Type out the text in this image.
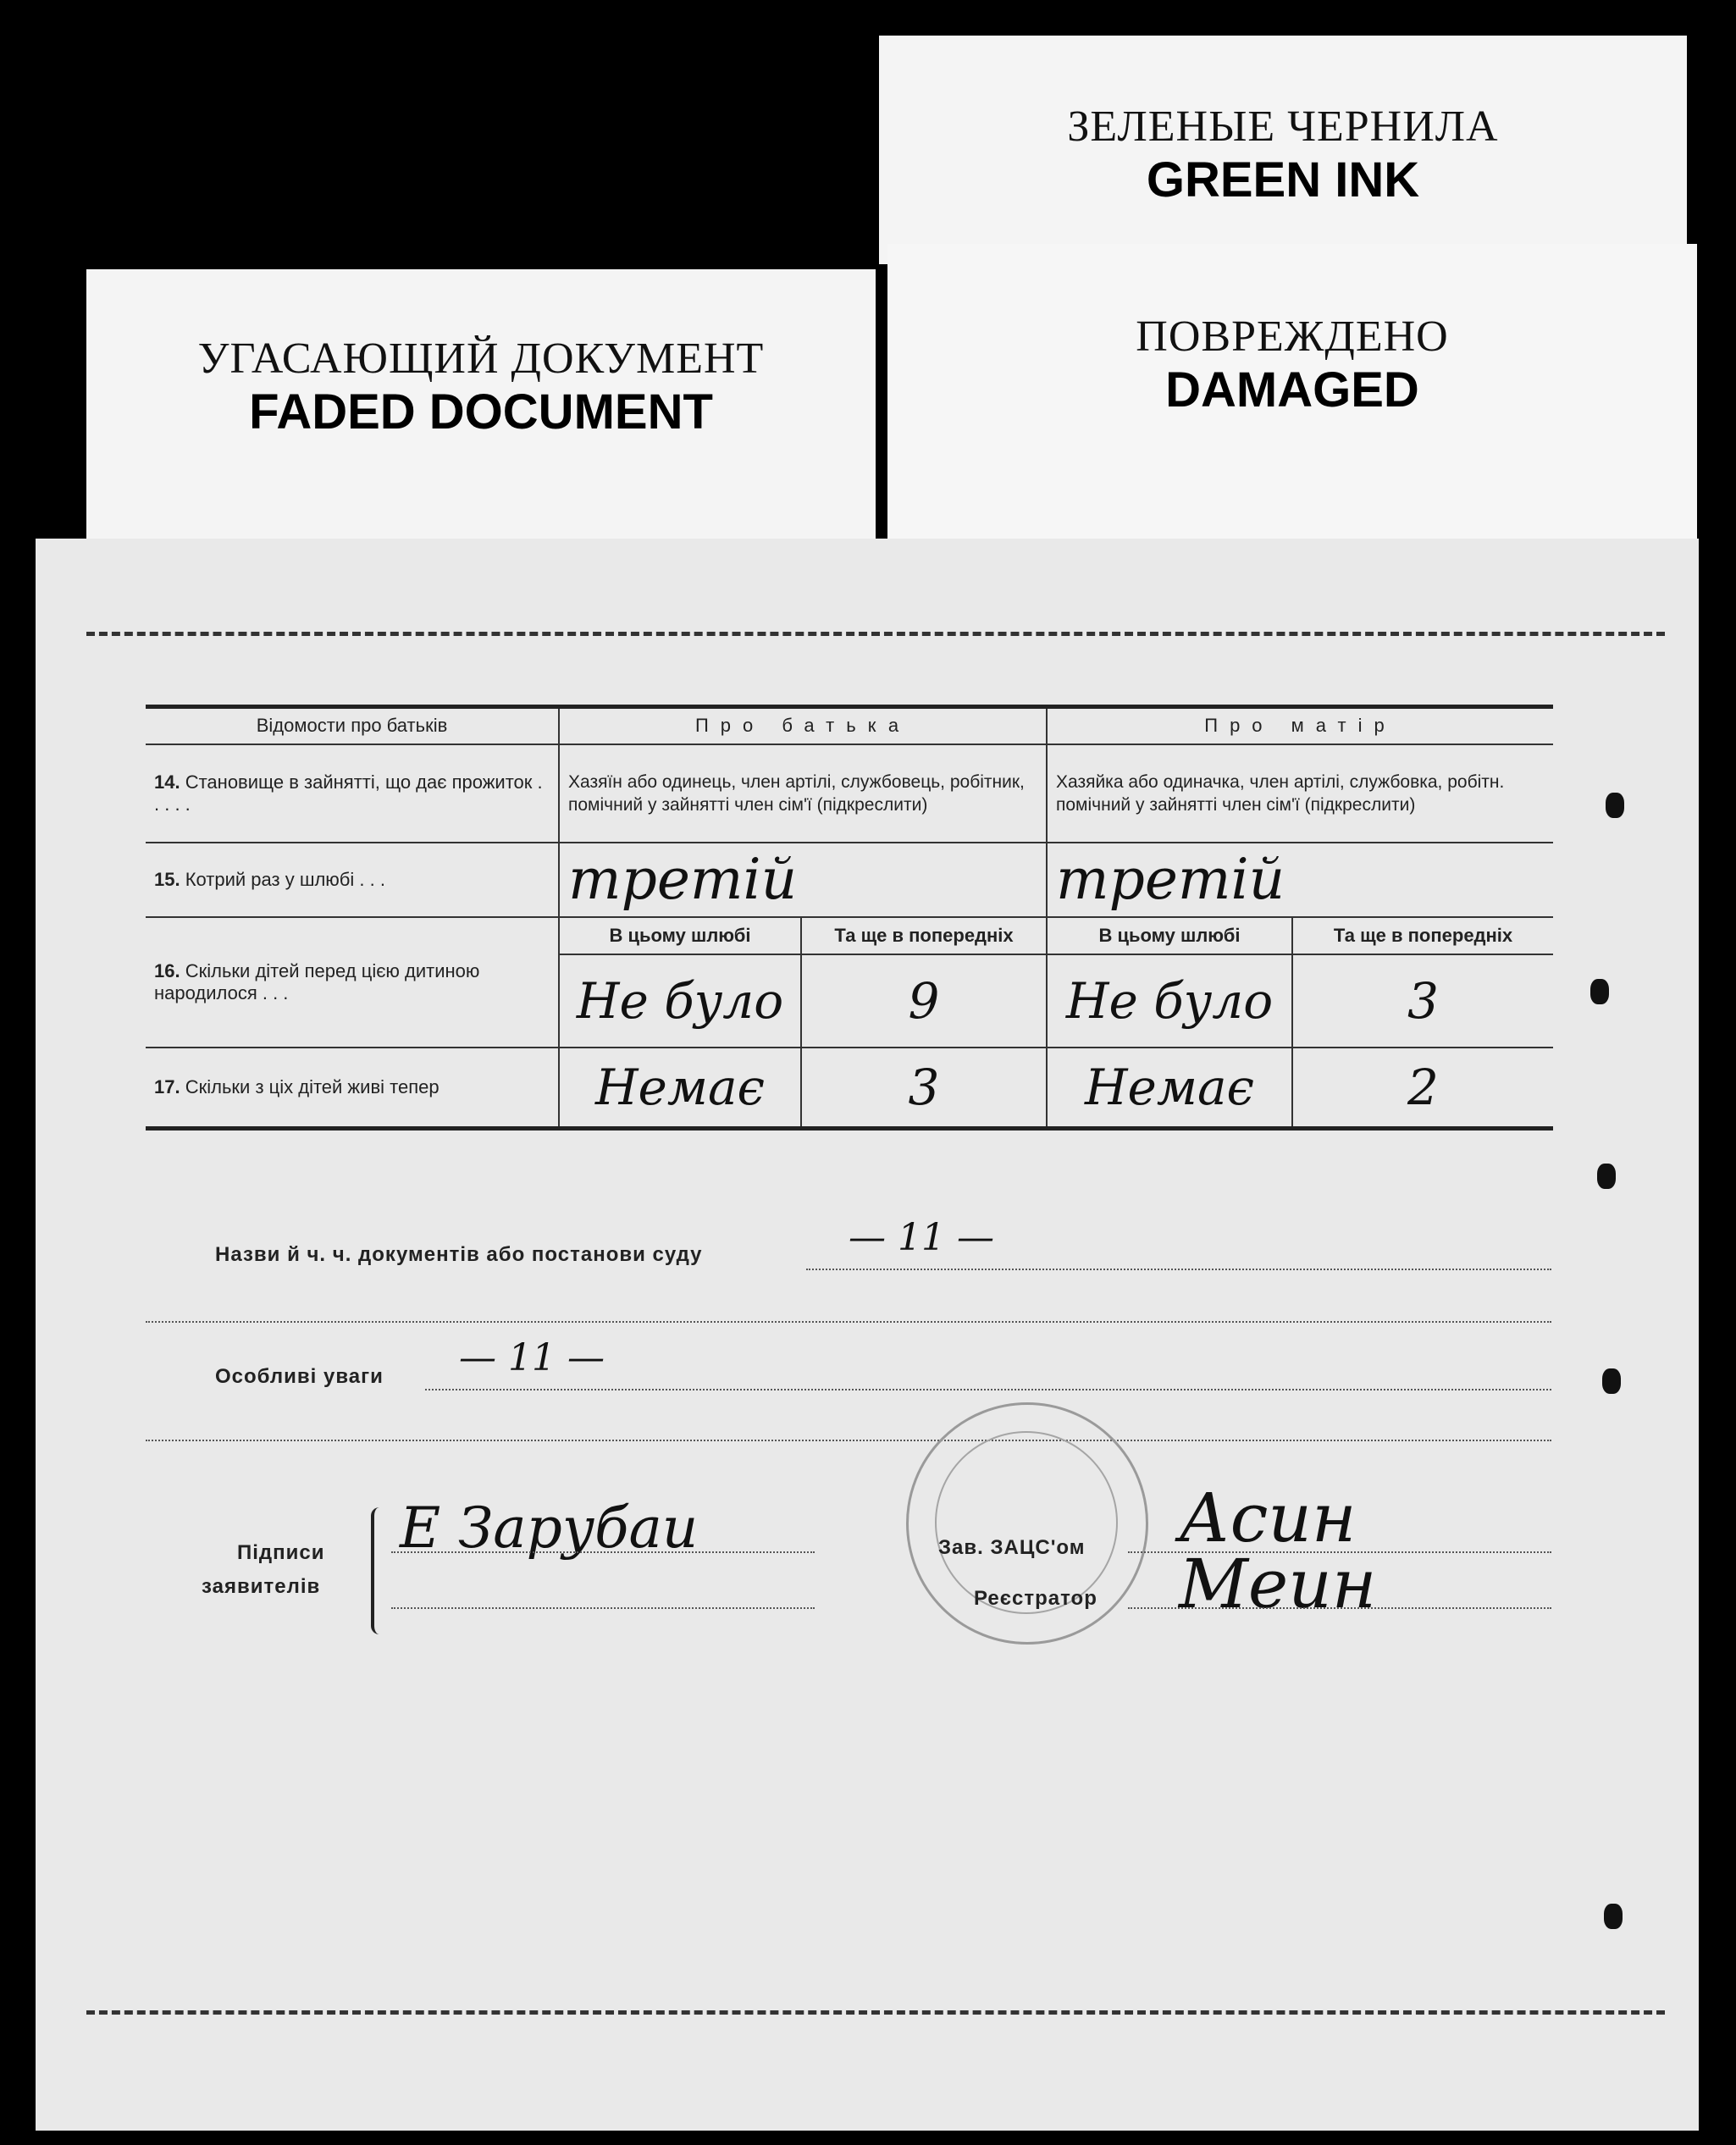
ЗЕЛЕНЫЕ ЧЕРНИЛА
GREEN INK
ПОВРЕЖДЕНО
DAMAGED
УГАСАЮЩИЙ ДОКУМЕНТ
FADED DOCUMENT
Відомости про батьків	Про батька		Про матір	
14. Становище в зайнятті, що дає прожиток . . . . .	Хазяїн або одинець, член артілі, службовець, робітник, помічний у зайнятті член сім'ї (підкреслити)		Хазяйка або одиначка, член артілі, службовка, робітн. помічний у зайнятті член сім'ї (підкреслити)	
15. Котрий раз у шлюбі . . .	третій		третій	
16. Скільки дітей перед цією дитиною народилося . . .	В цьому шлюбі	Та ще в попередніх	В цьому шлюбі	Та ще в попередніх
	Не було	9	Не було	3
17. Скільки з ціх дітей живі тепер	Немає	3	Немає	2
Назви й ч. ч. документів або постанови суду	— 11 —
Особливі уваги — 11 —
Підписи
заявителів
Е Зарубаи	Зав. ЗАЦС'ом
Реєстратор
Асин
Меин
